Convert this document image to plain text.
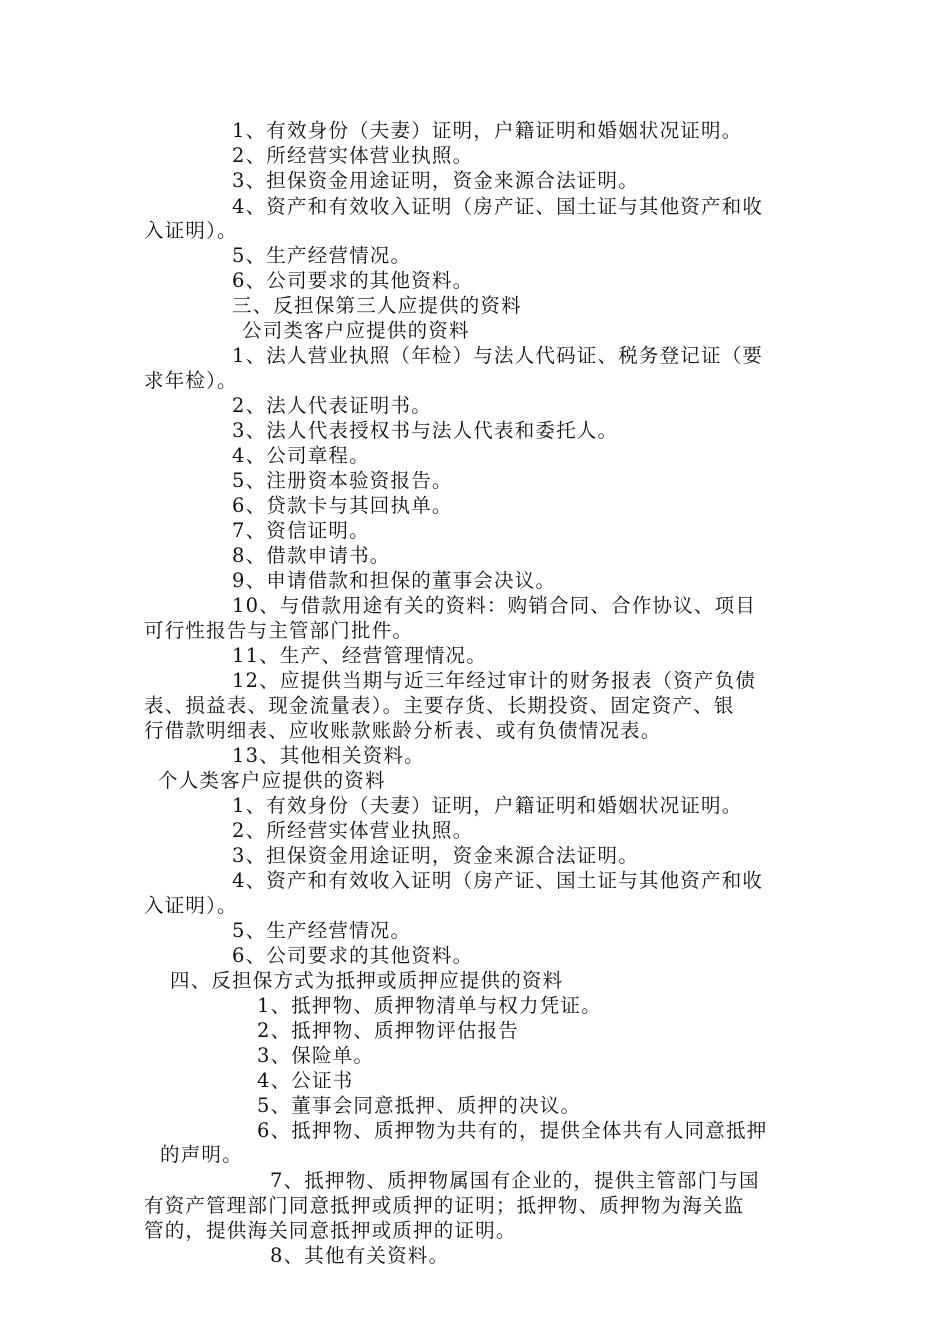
1、有效身份（夫妻）证明，户籍证明和婚姻状况证明。
2、所经营实体营业执照。
3、担保资金用途证明，资金来源合法证明。
4、资产和有效收入证明（房产证、国土证与其他资产和收
入证明）。
5、生产经营情况。
6、公司要求的其他资料。
三、反担保第三人应提供的资料
公司类客户应提供的资料
1、法人营业执照（年检）与法人代码证、税务登记证（要
求年检）。
2、法人代表证明书。
3、法人代表授权书与法人代表和委托人。
4、公司章程。
5、注册资本验资报告。
6、贷款卡与其回执单。
7、资信证明。
8、借款申请书。
9、申请借款和担保的董事会决议。
10、与借款用途有关的资料：购销合同、合作协议、项目
可行性报告与主管部门批件。
11、生产、经营管理情况。
12、应提供当期与近三年经过审计的财务报表（资产负债
表、损益表、现金流量表）。主要存货、长期投资、固定资产、银
行借款明细表、应收账款账龄分析表、或有负债情况表。
13、其他相关资料。
个人类客户应提供的资料
1、有效身份（夫妻）证明，户籍证明和婚姻状况证明。
2、所经营实体营业执照。
3、担保资金用途证明，资金来源合法证明。
4、资产和有效收入证明（房产证、国土证与其他资产和收
入证明）。
5、生产经营情况。
6、公司要求的其他资料。
四、反担保方式为抵押或质押应提供的资料
1、抵押物、质押物清单与权力凭证。
2、抵押物、质押物评估报告
3、保险单。
4、公证书
5、董事会同意抵押、质押的决议。
6、抵押物、质押物为共有的，提供全体共有人同意抵押
的声明。
7、抵押物、质押物属国有企业的，提供主管部门与国
有资产管理部门同意抵押或质押的证明；抵押物、质押物为海关监
管的，提供海关同意抵押或质押的证明。
8、其他有关资料。
